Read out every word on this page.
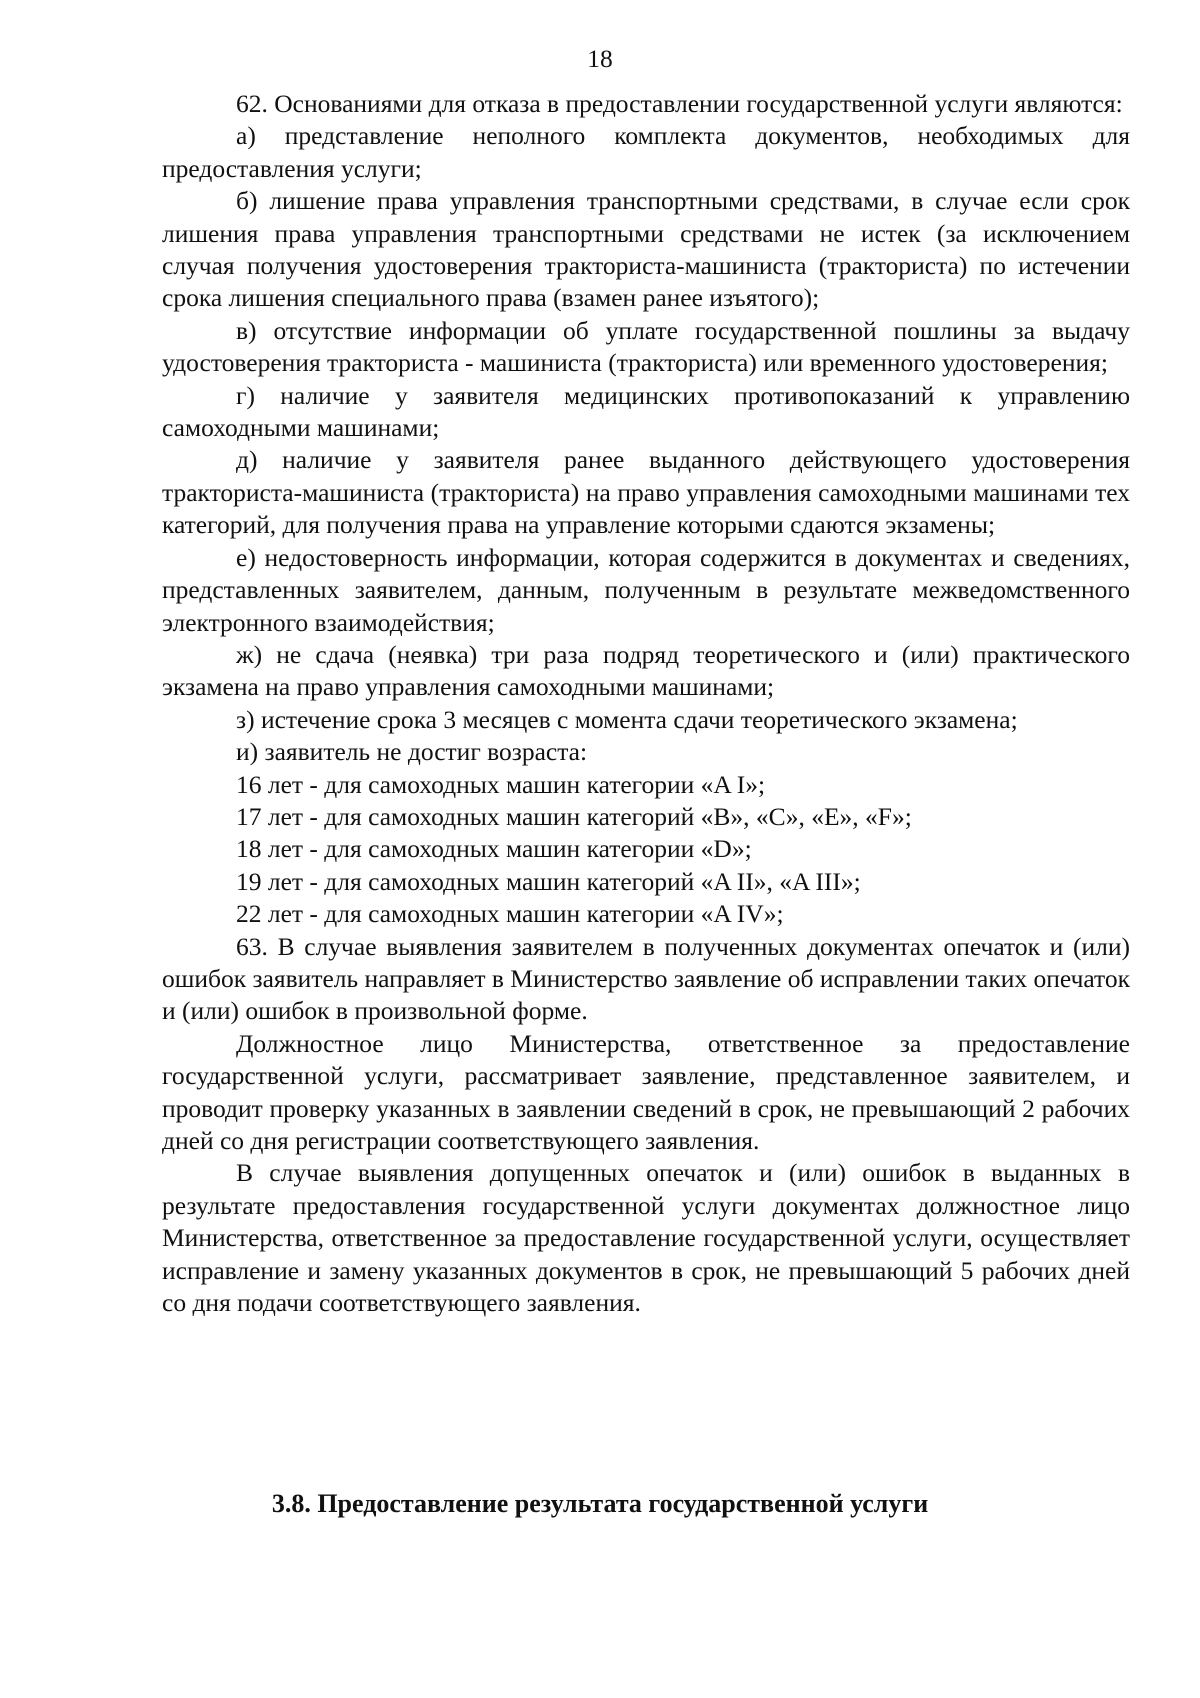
18

62. Основаниями для отказа в предоставлении государственной услуги являются:

а) представление неполного комплекта документов, необходимых для предоставления услуги;

б) лишение права управления транспортными средствами, в случае если срок лишения права управления транспортными средствами не истек (за исключением случая получения удостоверения тракториста-машиниста (тракториста) по истечении срока лишения специального права (взамен ранее изъятого);

в) отсутствие информации об уплате государственной пошлины за выдачу удостоверения тракториста - машиниста (тракториста) или временного удостоверения;

г) наличие у заявителя медицинских противопоказаний к управлению самоходными машинами;

д) наличие у заявителя ранее выданного действующего удостоверения тракториста-машиниста (тракториста) на право управления самоходными машинами тех категорий, для получения права на управление которыми сдаются экзамены;

е) недостоверность информации, которая содержится в документах и сведениях, представленных заявителем, данным, полученным в результате межведомственного электронного взаимодействия;

ж) не сдача (неявка) три раза подряд теоретического и (или) практического экзамена на право управления самоходными машинами;

з) истечение срока 3 месяцев с момента сдачи теоретического экзамена;

и) заявитель не достиг возраста:

16 лет - для самоходных машин категории «A I»;

17 лет - для самоходных машин категорий «B», «C», «E», «F»;

18 лет - для самоходных машин категории «D»;

19 лет - для самоходных машин категорий «A II», «A III»;

22 лет - для самоходных машин категории «A IV»;

63. В случае выявления заявителем в полученных документах опечаток и (или) ошибок заявитель направляет в Министерство заявление об исправлении таких опечаток и (или) ошибок в произвольной форме.

Должностное лицо Министерства, ответственное за предоставление государственной услуги, рассматривает заявление, представленное заявителем, и проводит проверку указанных в заявлении сведений в срок, не превышающий 2 рабочих дней со дня регистрации соответствующего заявления.

В случае выявления допущенных опечаток и (или) ошибок в выданных в результате предоставления государственной услуги документах должностное лицо Министерства, ответственное за предоставление государственной услуги, осуществляет исправление и замену указанных документов в срок, не превышающий 5 рабочих дней со дня подачи соответствующего заявления.

3.8. Предоставление результата государственной услуги
